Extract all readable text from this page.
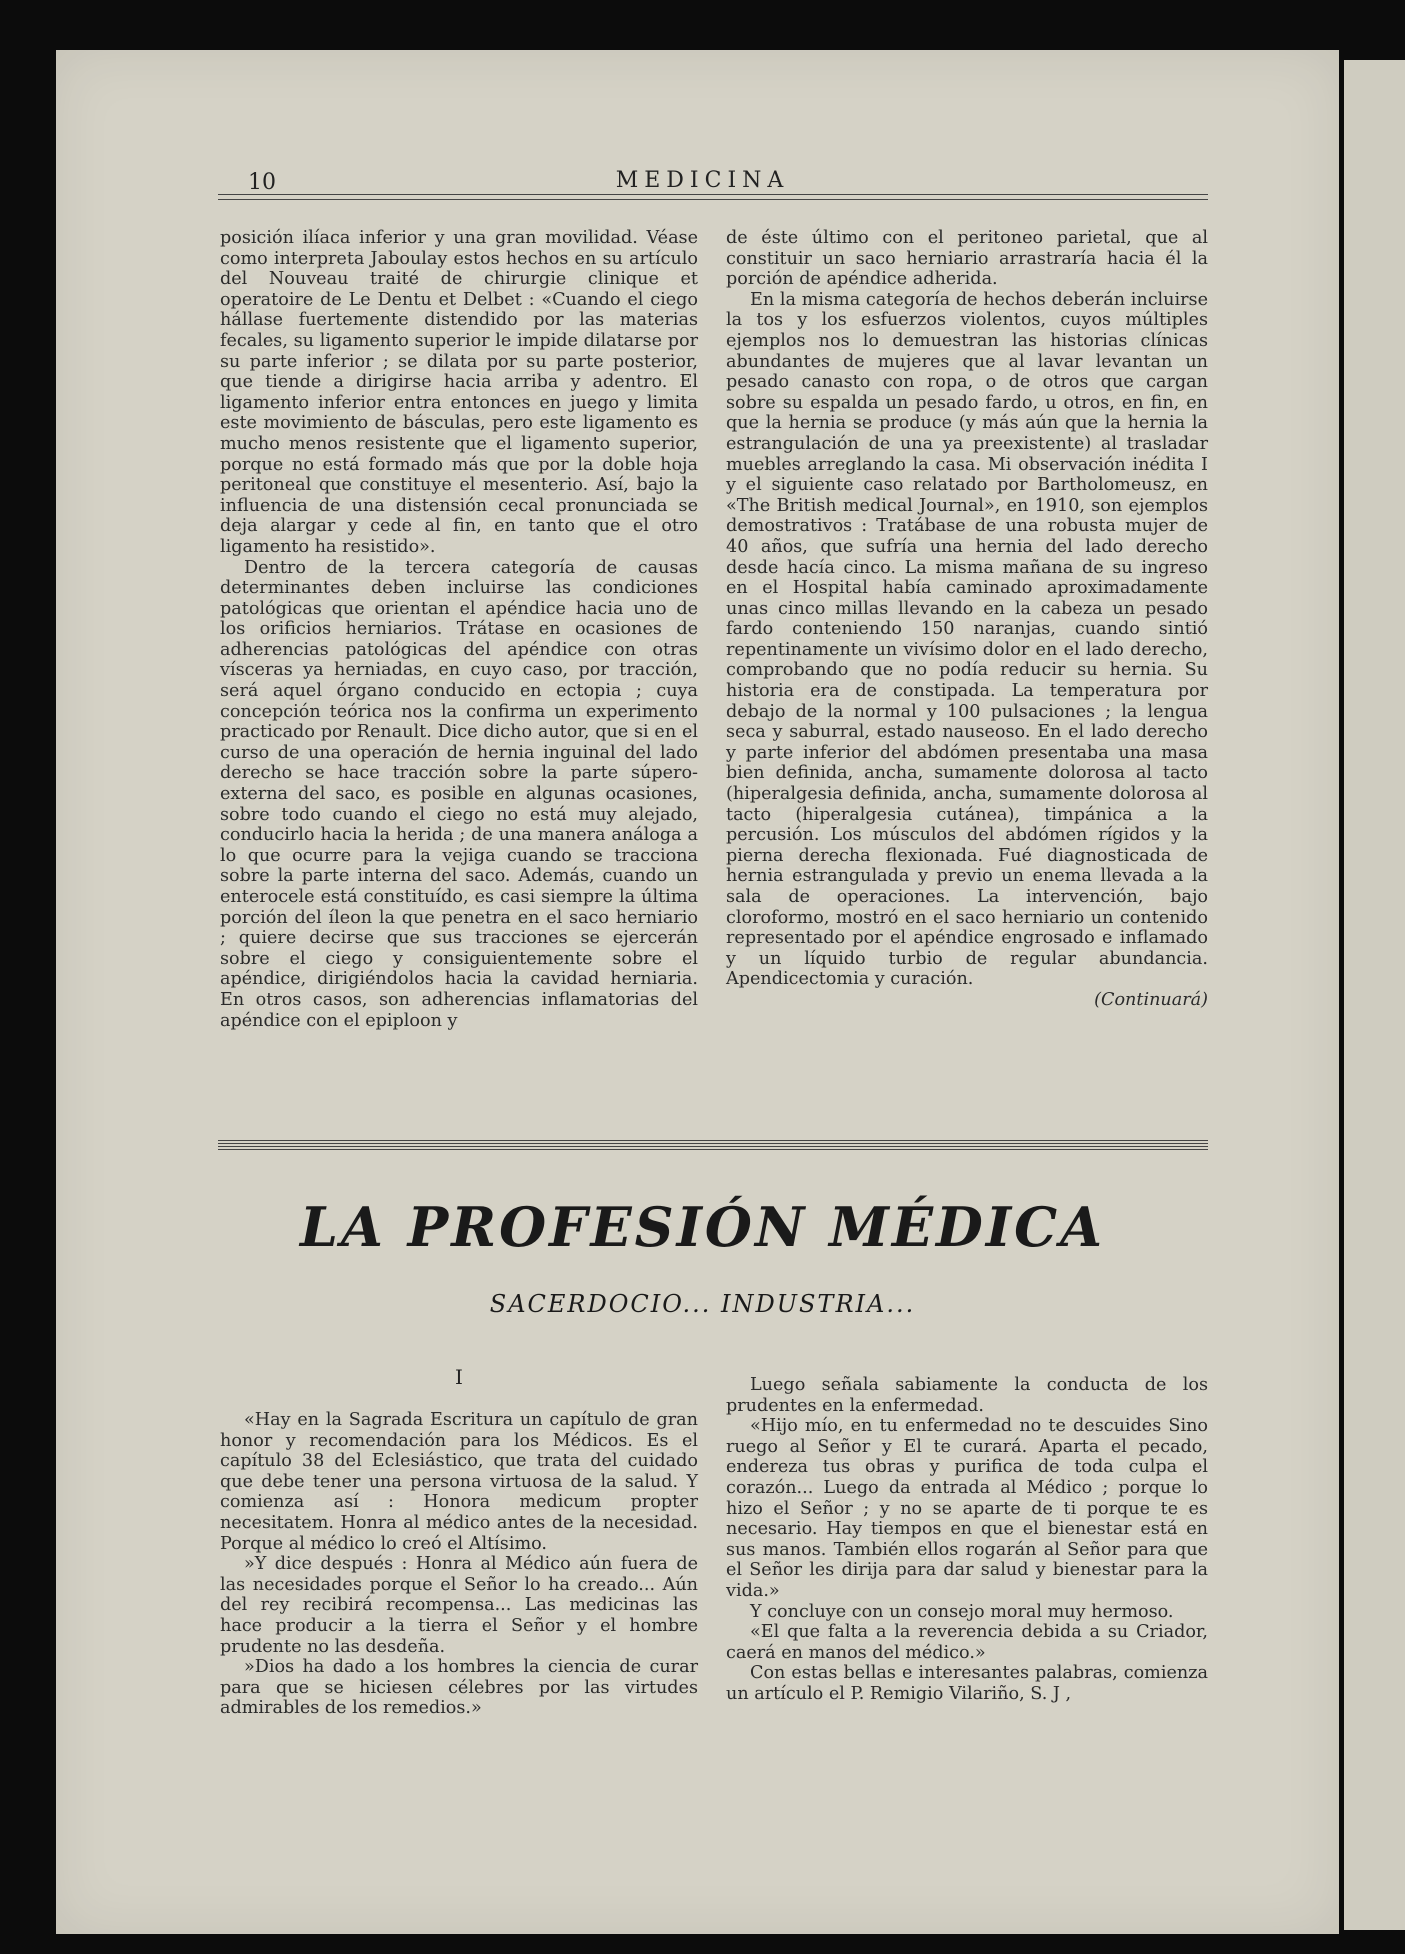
10	MEDICINA

posición ilíaca inferior y una gran movilidad. Véase como interpreta Jaboulay estos hechos en su artículo del Nouveau traité de chirurgie clinique et operatoire de Le Dentu et Delbet : «Cuando el ciego hállase fuertemente distendido por las materias fecales, su ligamento superior le impide dilatarse por su parte inferior ; se dilata por su parte posterior, que tiende a dirigirse hacia arriba y adentro. El ligamento inferior entra entonces en juego y limita este movimiento de básculas, pero este ligamento es mucho menos resistente que el ligamento superior, porque no está formado más que por la doble hoja peritoneal que constituye el mesenterio. Así, bajo la influencia de una distensión cecal pronunciada se deja alargar y cede al fin, en tanto que el otro ligamento ha resistido».

Dentro de la tercera categoría de causas determinantes deben incluirse las condiciones patológicas que orientan el apéndice hacia uno de los orificios herniarios. Trátase en ocasiones de adherencias patológicas del apéndice con otras vísceras ya herniadas, en cuyo caso, por tracción, será aquel órgano conducido en ectopia ; cuya concepción teórica nos la confirma un experimento practicado por Renault. Dice dicho autor, que si en el curso de una operación de hernia inguinal del lado derecho se hace tracción sobre la parte súpero-externa del saco, es posible en algunas ocasiones, sobre todo cuando el ciego no está muy alejado, conducirlo hacia la herida ; de una manera análoga a lo que ocurre para la vejiga cuando se tracciona sobre la parte interna del saco. Además, cuando un enterocele está constituído, es casi siempre la última porción del íleon la que penetra en el saco herniario ; quiere decirse que sus tracciones se ejercerán sobre el ciego y consiguientemente sobre el apéndice, dirigiéndolos hacia la cavidad herniaria. En otros casos, son adherencias inflamatorias del apéndice con el epiploon y

de éste último con el peritoneo parietal, que al constituir un saco herniario arrastraría hacia él la porción de apéndice adherida.

En la misma categoría de hechos deberán incluirse la tos y los esfuerzos violentos, cuyos múltiples ejemplos nos lo demuestran las historias clínicas abundantes de mujeres que al lavar levantan un pesado canasto con ropa, o de otros que cargan sobre su espalda un pesado fardo, u otros, en fin, en que la hernia se produce (y más aún que la hernia la estrangulación de una ya preexistente) al trasladar muebles arreglando la casa. Mi observación inédita I y el siguiente caso relatado por Bartholomeusz, en «The British medical Journal», en 1910, son ejemplos demostrativos : Tratábase de una robusta mujer de 40 años, que sufría una hernia del lado derecho desde hacía cinco. La misma mañana de su ingreso en el Hospital había caminado aproximadamente unas cinco millas llevando en la cabeza un pesado fardo conteniendo 150 naranjas, cuando sintió repentinamente un vivísimo dolor en el lado derecho, comprobando que no podía reducir su hernia. Su historia era de constipada. La temperatura por debajo de la normal y 100 pulsaciones ; la lengua seca y saburral, estado nauseoso. En el lado derecho y parte inferior del abdómen presentaba una masa bien definida, ancha, sumamente dolorosa al tacto (hiperalgesia definida, ancha, sumamente dolorosa al tacto (hiperalgesia cutánea), timpánica a la percusión. Los músculos del abdómen rígidos y la pierna derecha flexionada. Fué diagnosticada de hernia estrangulada y previo un enema llevada a la sala de operaciones. La intervención, bajo cloroformo, mostró en el saco herniario un contenido representado por el apéndice engrosado e inflamado y un líquido turbio de regular abundancia. Apendicectomia y curación.

(Continuará)

LA PROFESIÓN MÉDICA
SACERDOCIO... INDUSTRIA...
I

«Hay en la Sagrada Escritura un capítulo de gran honor y recomendación para los Médicos. Es el capítulo 38 del Eclesiástico, que trata del cuidado que debe tener una persona virtuosa de la salud. Y comienza así : Honora medicum propter necesitatem. Honra al médico antes de la necesidad. Porque al médico lo creó el Altísimo.

»Y dice después : Honra al Médico aún fuera de las necesidades porque el Señor lo ha creado... Aún del rey recibirá recompensa... Las medicinas las hace producir a la tierra el Señor y el hombre prudente no las desdeña.

»Dios ha dado a los hombres la ciencia de curar para que se hiciesen célebres por las virtudes admirables de los remedios.»

Luego señala sabiamente la conducta de los prudentes en la enfermedad.

«Hijo mío, en tu enfermedad no te descuides Sino ruego al Señor y El te curará. Aparta el pecado, endereza tus obras y purifica de toda culpa el corazón... Luego da entrada al Médico ; porque lo hizo el Señor ; y no se aparte de ti porque te es necesario. Hay tiempos en que el bienestar está en sus manos. También ellos rogarán al Señor para que el Señor les dirija para dar salud y bienestar para la vida.»

Y concluye con un consejo moral muy hermoso.

«El que falta a la reverencia debida a su Criador, caerá en manos del médico.»

Con estas bellas e interesantes palabras, comienza un artículo el P. Remigio Vilariño, S. J ,
